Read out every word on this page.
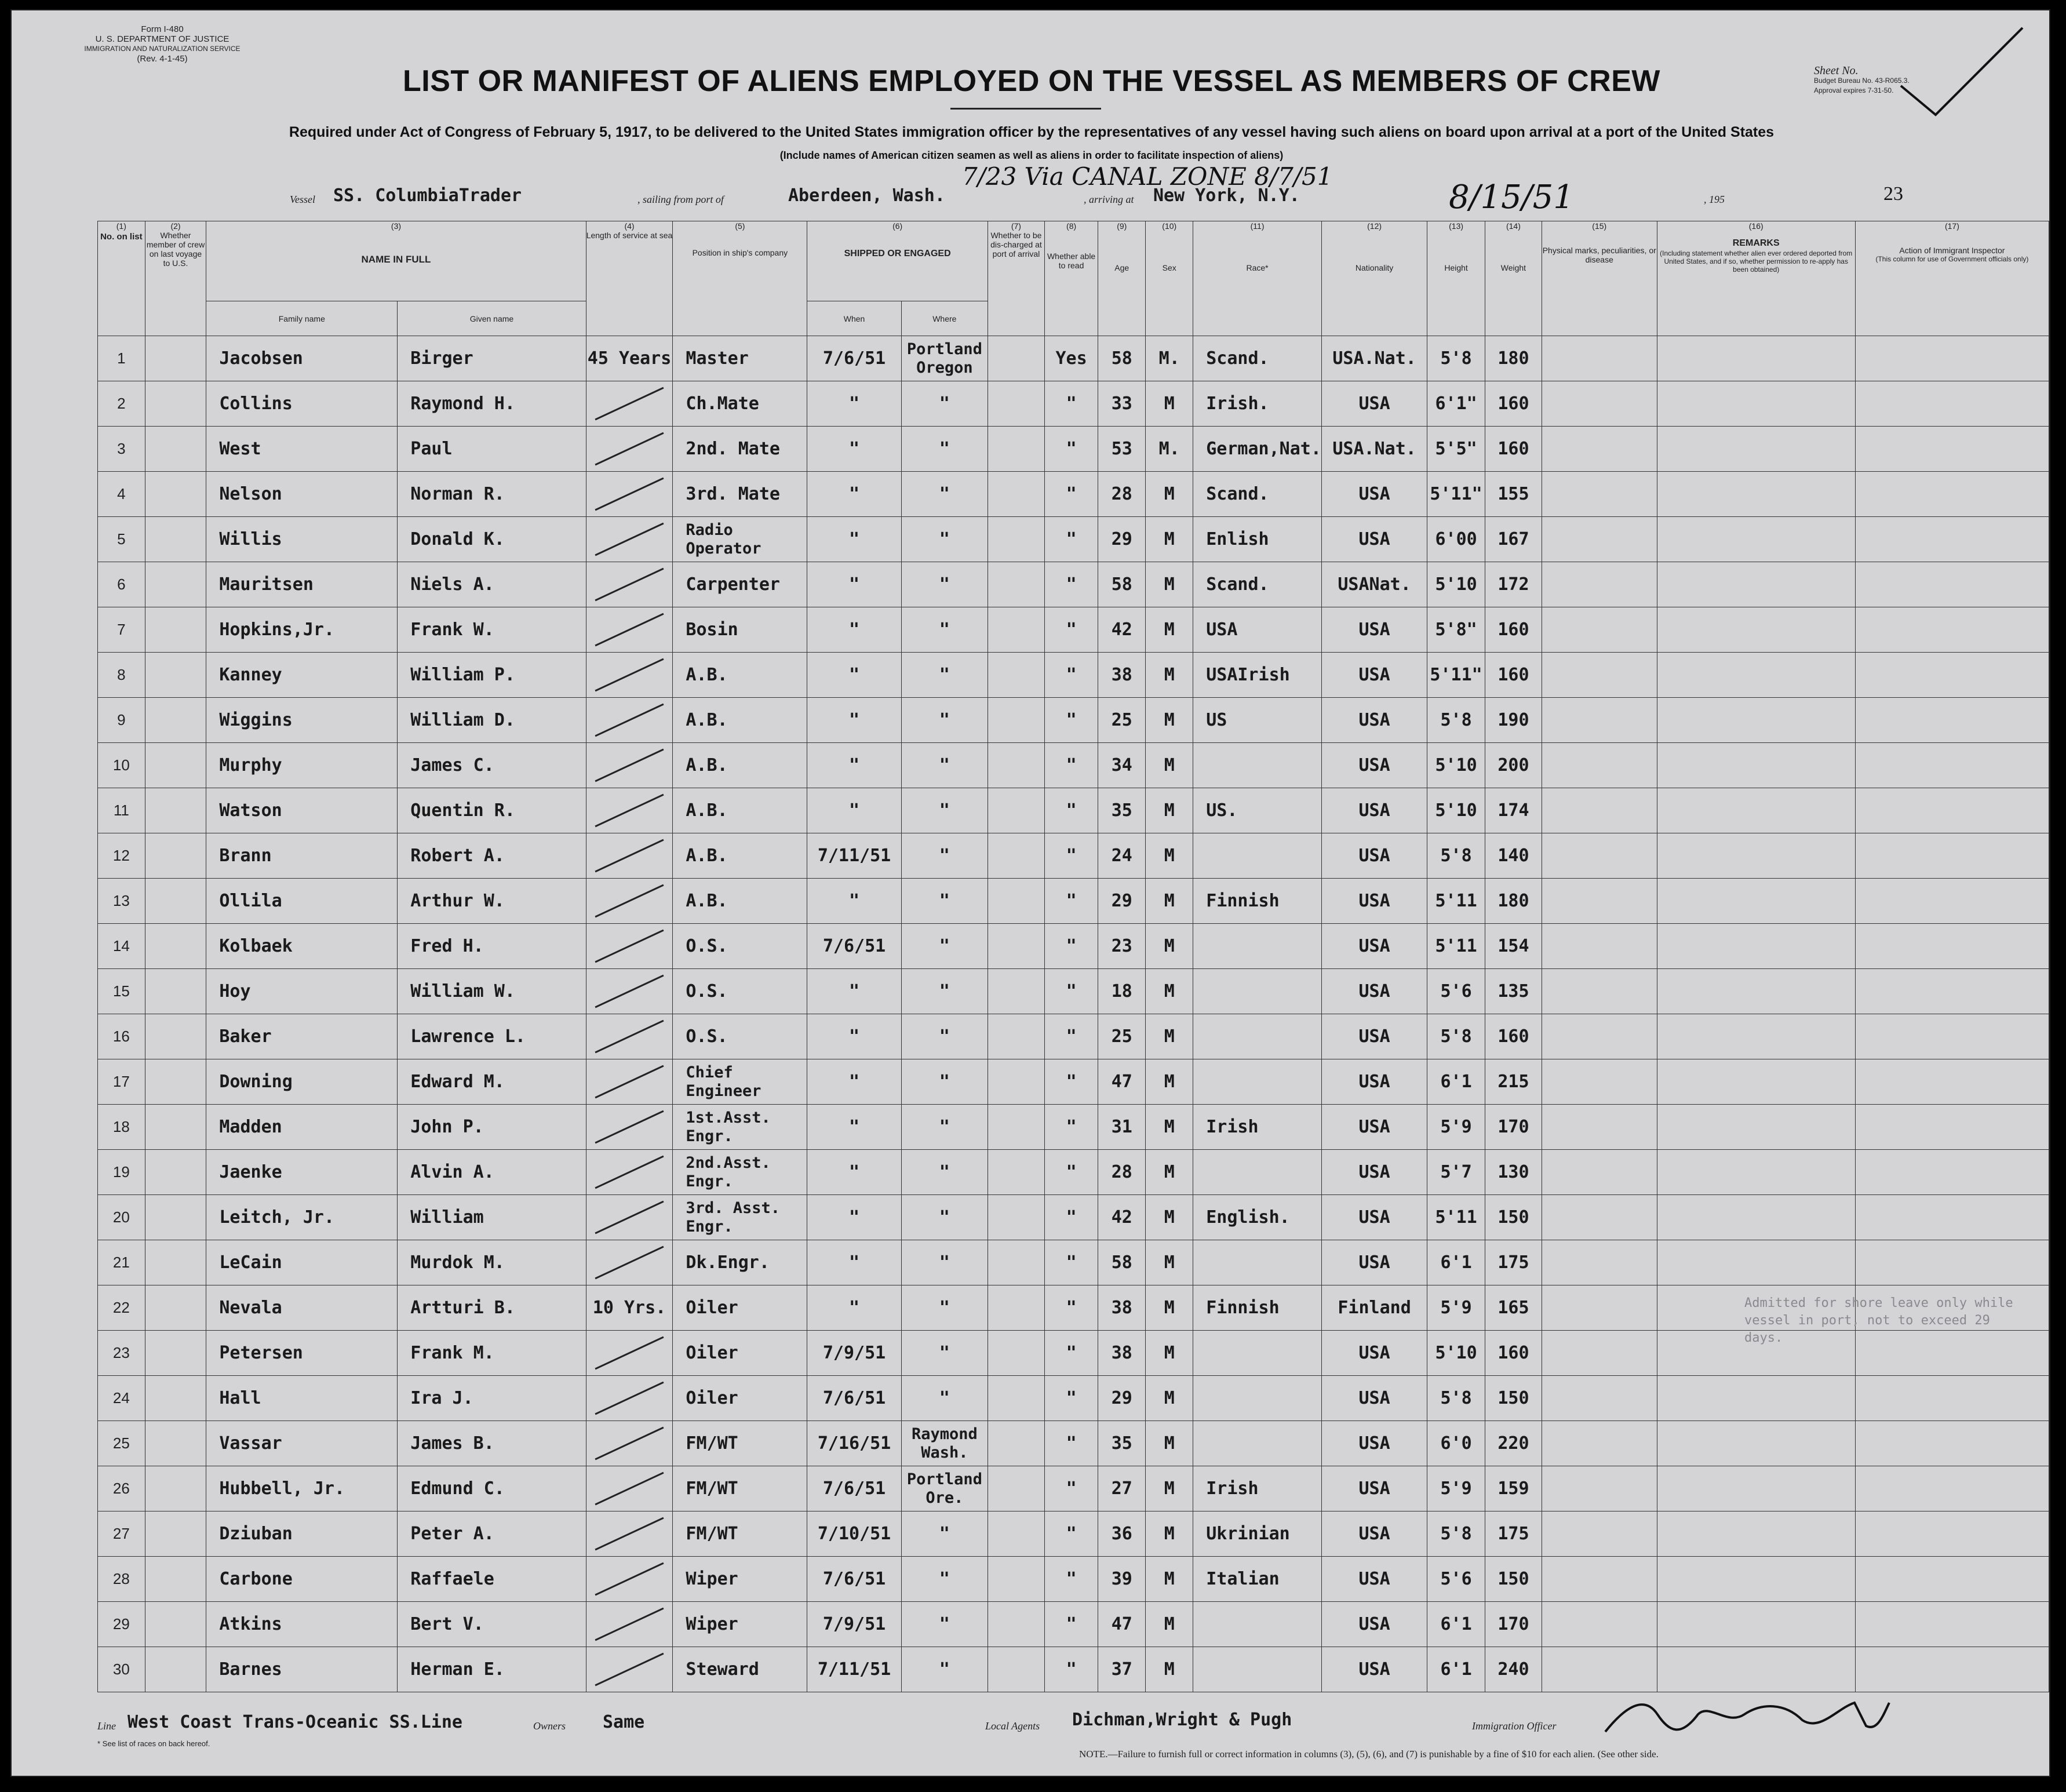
Form I-480
U. S. DEPARTMENT OF JUSTICE
IMMIGRATION AND NATURALIZATION SERVICE
(Rev. 4-1-45)
Sheet No.
Budget Bureau No. 43-R065.3.
Approval expires 7-31-50.
LIST OR MANIFEST OF ALIENS EMPLOYED ON THE VESSEL AS MEMBERS OF CREW
Required under Act of Congress of February 5, 1917, to be delivered to the United States immigration officer by the representatives of any vessel having such aliens on board upon arrival at a port of the United States
(Include names of American citizen seamen as well as aliens in order to facilitate inspection of aliens)
Vessel SS. ColumbiaTrader	, sailing from port of	Aberdeen, Wash.
7/23 Via CANAL ZONE 8/7/51
, arriving at New York, N.Y.	8/15/51	, 195	23
(1)
No. on list	(2)
Whether member of crew on last voyage to U.S.	(3)
NAME IN FULL		(4)
Length of service at sea	(5)
Position in ship's company	(6)
SHIPPED OR ENGAGED		(7)
Whether to be dis-charged at port of arrival	(8)
Whether able to read	(9)
Age	(10)
Sex	(11)
Race*	(12)
Nationality	(13)
Height	(14)
Weight	(15)
Physical marks, peculiarities, or disease	(16)
REMARKS
(Including statement whether alien ever ordered deported from United States, and if so, whether permission to re-apply has been obtained)	(17)
Action of Immigrant Inspector
(This column for use of Government officials only)

		Family name	Given name			When	Where											

1		Jacobsen	Birger	45 Years	Master	7/6/51	Portland Oregon		Yes	58	M.	Scand.	USA.Nat.	5'8	180			
2		Collins	Raymond H.		Ch.Mate	"	"		"	33	M	Irish.	USA	6'1"	160			
3		West	Paul		2nd. Mate	"	"		"	53	M.	German,Nat.	USA.Nat.	5'5"	160			
4		Nelson	Norman R.		3rd. Mate	"	"		"	28	M	Scand.	USA	5'11"	155			
5		Willis	Donald K.		Radio Operator	"	"		"	29	M	Enlish	USA	6'00	167			
6		Mauritsen	Niels A.		Carpenter	"	"		"	58	M	Scand.	USANat.	5'10	172			
7		Hopkins,Jr.	Frank W.		Bosin	"	"		"	42	M	USA	USA	5'8"	160			
8		Kanney	William P.		A.B.	"	"		"	38	M	USAIrish	USA	5'11"	160			
9		Wiggins	William D.		A.B.	"	"		"	25	M	US	USA	5'8	190			
10		Murphy	James C.		A.B.	"	"		"	34	M		USA	5'10	200			
11		Watson	Quentin R.		A.B.	"	"		"	35	M	US.	USA	5'10	174			
12		Brann	Robert A.		A.B.	7/11/51	"		"	24	M		USA	5'8	140			
13		Ollila	Arthur W.		A.B.	"	"		"	29	M	Finnish	USA	5'11	180			
14		Kolbaek	Fred H.		O.S.	7/6/51	"		"	23	M		USA	5'11	154			
15		Hoy	William W.		O.S.	"	"		"	18	M		USA	5'6	135			
16		Baker	Lawrence L.		O.S.	"	"		"	25	M		USA	5'8	160			
17		Downing	Edward M.		Chief Engineer	"	"		"	47	M		USA	6'1	215			
18		Madden	John P.		1st.Asst. Engr.	"	"		"	31	M	Irish	USA	5'9	170			
19		Jaenke	Alvin A.		2nd.Asst. Engr.	"	"		"	28	M		USA	5'7	130			
20		Leitch, Jr.	William		3rd. Asst. Engr.	"	"		"	42	M	English.	USA	5'11	150			
21		LeCain	Murdok M.		Dk.Engr.	"	"		"	58	M		USA	6'1	175			
22		Nevala	Artturi B.	10 Yrs.	Oiler	"	"		"	38	M	Finnish	Finland	5'9	165			
23		Petersen	Frank M.		Oiler	7/9/51	"		"	38	M		USA	5'10	160			
24		Hall	Ira J.		Oiler	7/6/51	"		"	29	M		USA	5'8	150			
25		Vassar	James B.		FM/WT	7/16/51	Raymond Wash.		"	35	M		USA	6'0	220			
26		Hubbell, Jr.	Edmund C.		FM/WT	7/6/51	Portland Ore.		"	27	M	Irish	USA	5'9	159			
27		Dziuban	Peter A.		FM/WT	7/10/51	"		"	36	M	Ukrinian	USA	5'8	175			
28		Carbone	Raffaele		Wiper	7/6/51	"		"	39	M	Italian	USA	5'6	150			
29		Atkins	Bert V.		Wiper	7/9/51	"		"	47	M		USA	6'1	170			
30		Barnes	Herman E.		Steward	7/11/51	"		"	37	M		USA	6'1	240			
Admitted for shore leave only while vessel in port, not to exceed 29 days.
Line West Coast Trans-Oceanic SS.Line	Owners Same	Local Agents Dichman,Wright & Pugh	Immigration Officer
* See list of races on back hereof.
NOTE.—Failure to furnish full or correct information in columns (3), (5), (6), and (7) is punishable by a fine of $10 for each alien. (See other side.
